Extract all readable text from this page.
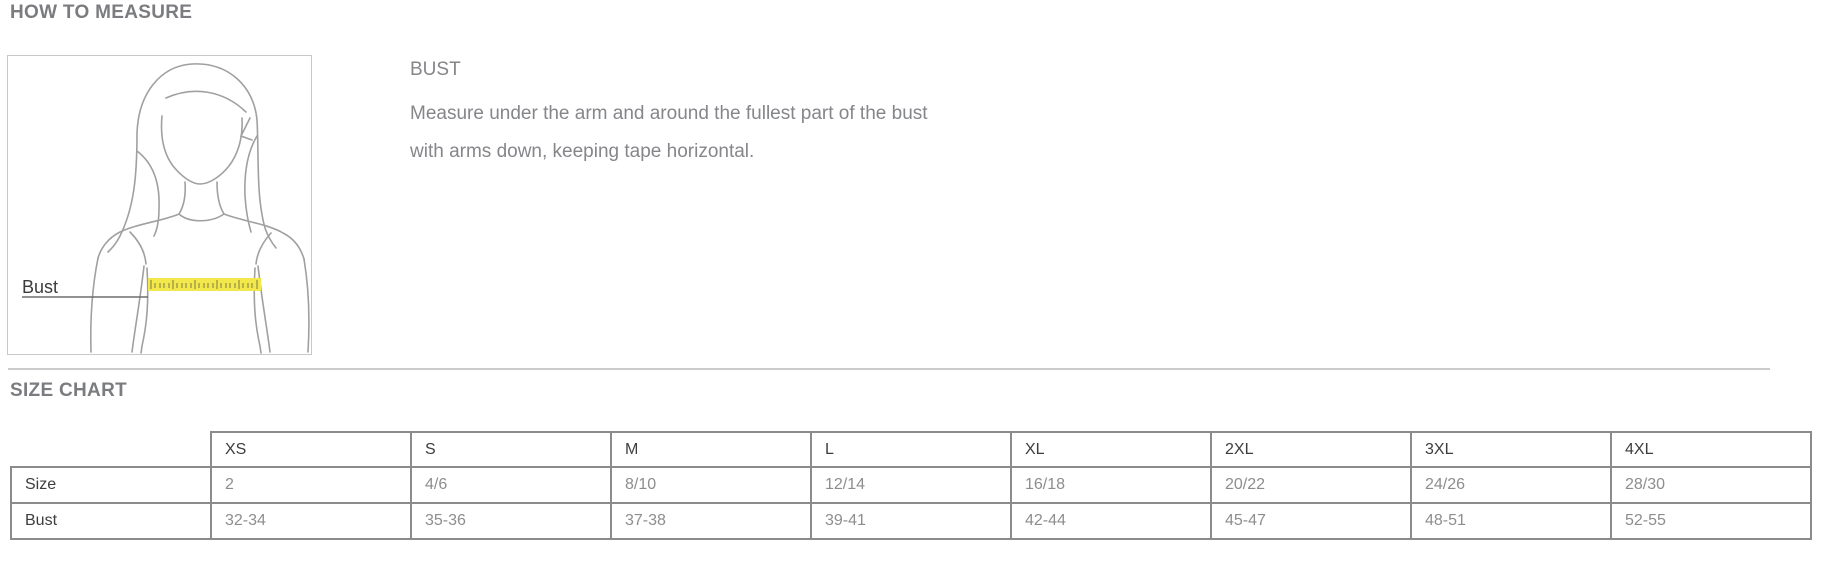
HOW TO MEASURE
Bust
BUST
Measure under the arm and around the fullest part of the bust
with arms down, keeping tape horizontal.
SIZE CHART
	XS	S	M	L	XL	2XL	3XL	4XL
Size	2	4/6	8/10	12/14	16/18	20/22	24/26	28/30
Bust	32-34	35-36	37-38	39-41	42-44	45-47	48-51	52-55
